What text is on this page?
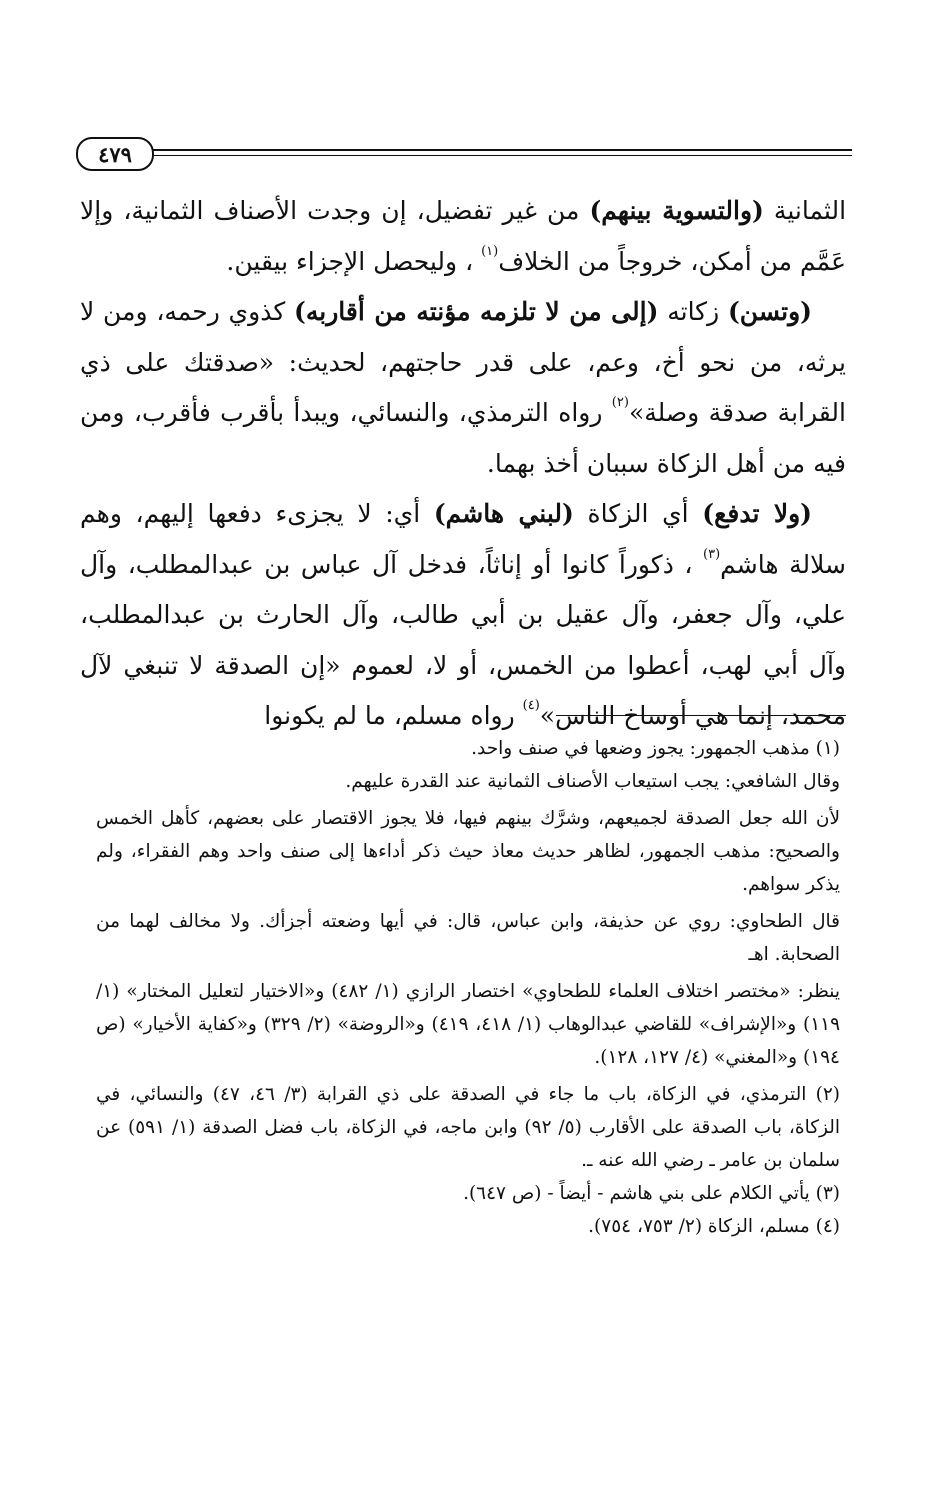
٤٧٩

الثمانية (والتسوية بينهم) من غير تفضيل، إن وجدت الأصناف الثمانية، وإلا عَمَّم من أمكن، خروجاً من الخلاف$^{(١)}$ ، وليحصل الإجزاء بيقين.

(وتسن) زكاته (إلى من لا تلزمه مؤنته من أقاربه) كذوي رحمه، ومن لا يرثه، من نحو أخ، وعم، على قدر حاجتهم، لحديث: «صدقتك على ذي القرابة صدقة وصلة»$^{(٢)}$ رواه الترمذي، والنسائي، ويبدأ بأقرب فأقرب، ومن فيه من أهل الزكاة سببان أخذ بهما.

(ولا تدفع) أي الزكاة (لبني هاشم) أي: لا يجزىء دفعها إليهم، وهم سلالة هاشم$^{(٣)}$ ، ذكوراً كانوا أو إناثاً، فدخل آل عباس بن عبدالمطلب، وآل علي، وآل جعفر، وآل عقيل بن أبي طالب، وآل الحارث بن عبدالمطلب، وآل أبي لهب، أعطوا من الخمس، أو لا، لعموم «إن الصدقة لا تنبغي لآل محمد، إنما هي أوساخ الناس»$^{(٤)}$ رواه مسلم، ما لم يكونوا

(١) مذهب الجمهور: يجوز وضعها في صنف واحد.

وقال الشافعي: يجب استيعاب الأصناف الثمانية عند القدرة عليهم.

لأن الله جعل الصدقة لجميعهم، وشرَّك بينهم فيها، فلا يجوز الاقتصار على بعضهم، كأهل الخمس والصحيح: مذهب الجمهور، لظاهر حديث معاذ حيث ذكر أداءها إلى صنف واحد وهم الفقراء، ولم يذكر سواهم.

قال الطحاوي: روي عن حذيفة، وابن عباس، قال: في أيها وضعته أجزأك. ولا مخالف لهما من الصحابة. اهـ

ينظر: «مختصر اختلاف العلماء للطحاوي» اختصار الرازي (١/ ٤٨٢) و«الاختيار لتعليل المختار» (١/ ١١٩) و«الإشراف» للقاضي عبدالوهاب (١/ ٤١٨، ٤١٩) و«الروضة» (٢/ ٣٢٩) و«كفاية الأخيار» (ص ١٩٤) و«المغني» (٤/ ١٢٧، ١٢٨).

(٢) الترمذي، في الزكاة، باب ما جاء في الصدقة على ذي القرابة (٣/ ٤٦، ٤٧) والنسائي، في الزكاة، باب الصدقة على الأقارب (٥/ ٩٢) وابن ماجه، في الزكاة، باب فضل الصدقة (١/ ٥٩١) عن سلمان بن عامر ـ رضي الله عنه ـ.

(٣) يأتي الكلام على بني هاشم - أيضاً - (ص ٦٤٧).

(٤) مسلم، الزكاة (٢/ ٧٥٣، ٧٥٤).
